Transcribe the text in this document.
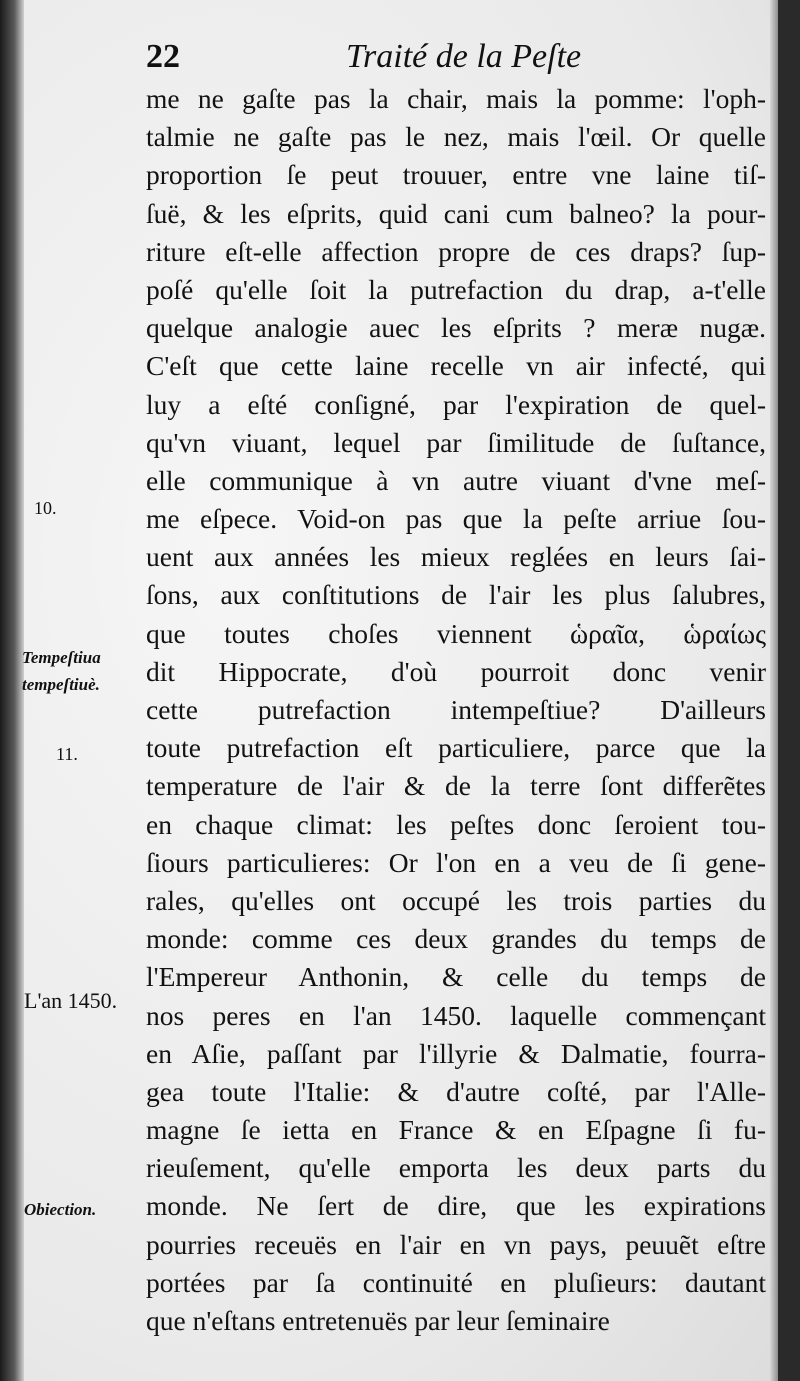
22	Traité de la Peſte
me ne gaſte pas la chair, mais la pomme: l'oph-
talmie ne gaſte pas le nez, mais l'œil. Or quelle
proportion ſe peut trouuer, entre vne laine tiſ-
ſuë, & les eſprits, quid cani cum balneo? la pour-
riture eſt-elle affection propre de ces draps? ſup-
poſé qu'elle ſoit la putrefaction du drap, a-t'elle
quelque analogie auec les eſprits ? meræ nugæ.
C'eſt que cette laine recelle vn air infecté, qui
luy a eſté conſigné, par l'expiration de quel-
qu'vn viuant, lequel par ſimilitude de ſuſtance,
elle communique à vn autre viuant d'vne meſ-
me eſpece. Void-on pas que la peſte arriue ſou-
uent aux années les mieux reglées en leurs ſai-
ſons, aux conſtitutions de l'air les plus ſalubres,
que toutes choſes viennent ὡραῖα, ὡραίως
dit Hippocrate, d'où pourroit donc venir
cette putrefaction intempeſtiue? D'ailleurs
toute putrefaction eſt particuliere, parce que la
temperature de l'air & de la terre ſont differẽtes
en chaque climat: les peſtes donc ſeroient tou-
ſiours particulieres: Or l'on en a veu de ſi gene-
rales, qu'elles ont occupé les trois parties du
monde: comme ces deux grandes du temps de
l'Empereur Anthonin, & celle du temps de
nos peres en l'an 1450. laquelle commençant
en Aſie, paſſant par l'illyrie & Dalmatie, fourra-
gea toute l'Italie: & d'autre coſté, par l'Alle-
magne ſe ietta en France & en Eſpagne ſi fu-
rieuſement, qu'elle emporta les deux parts du
monde. Ne ſert de dire, que les expirations
pourries receuës en l'air en vn pays, peuuẽt eſtre
portées par ſa continuité en pluſieurs: dautant
que n'eſtans entretenuës par leur ſeminaire
10.
Tempeſtiua
tempeſtiuè.
11.
L'an 1450.
Obiection.
